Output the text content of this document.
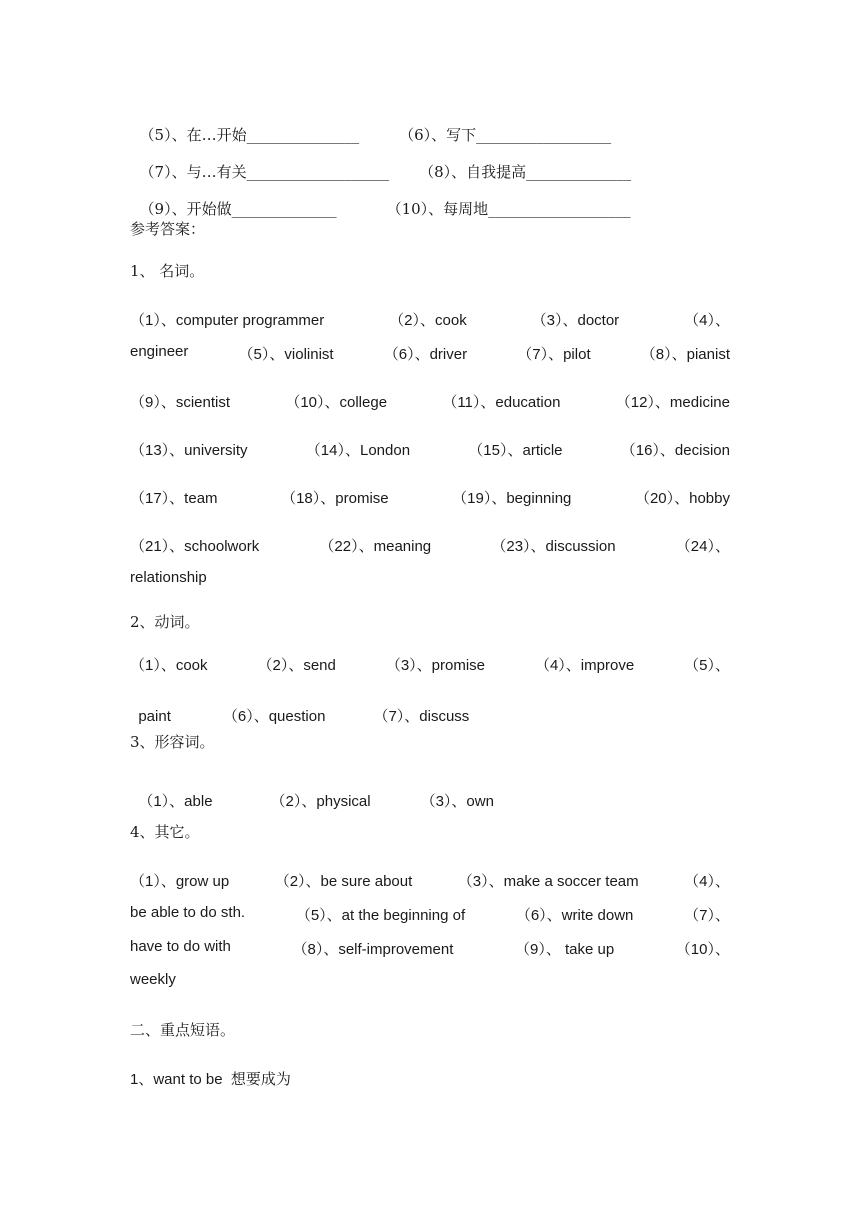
（5）、在…开始_______________	（6）、写下__________________

（7）、与…有关___________________ （8）、自我提高______________

（9）、开始做______________	（10）、每周地___________________

参考答案：
1、 名词。
（1）、computer programmer	（2）、cook	（3）、doctor	（4）、
engineer	（5）、violinist	（6）、driver	（7）、pilot	（8）、pianist
（9）、scientist	（10）、college	（11）、education	（12）、medicine
（13）、university	（14）、London	（15）、article	（16）、decision
（17）、team	（18）、promise	（19）、beginning	（20）、hobby
（21）、schoolwork	（22）、meaning	（23）、discussion	（24）、
relationship
2、动词。
（1）、cook	（2）、send	（3）、promise	（4）、improve	（5）、

paint	（6）、question	（7）、discuss

3、形容词。

（1）、able	（2）、physical	（3）、own

4、其它。
（1）、grow up	（2）、be sure about	（3）、make a soccer team	（4）、
be able to do sth.	（5）、at the beginning of	（6）、write down	（7）、
have to do with	（8）、self-improvement	（9）、 take up	（10）、
weekly
二、重点短语。
1、want to be  想要成为
